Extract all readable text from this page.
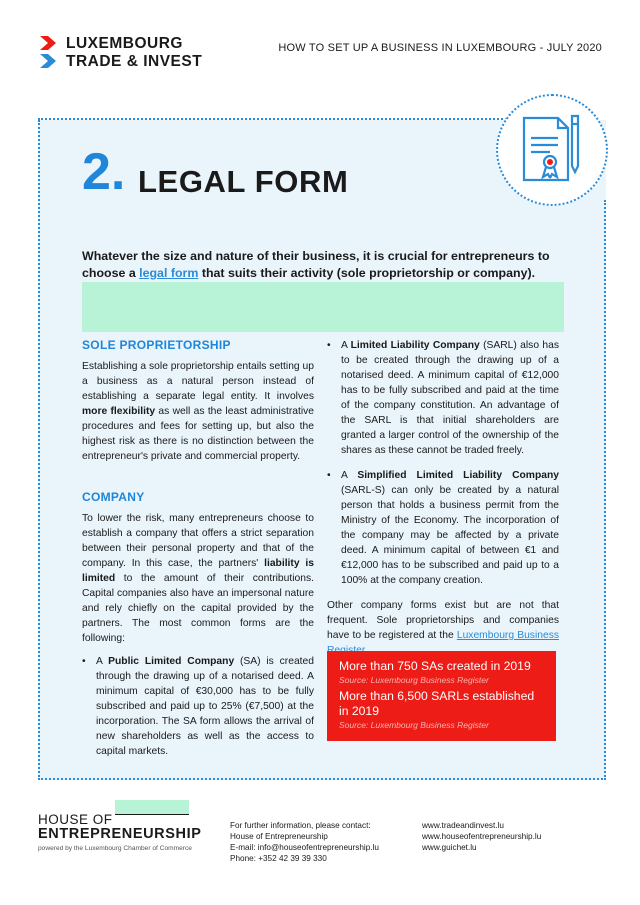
LUXEMBOURG
TRADE & INVEST
HOW TO SET UP A BUSINESS IN LUXEMBOURG - JULY 2020
2. LEGAL FORM
Whatever the size and nature of their business, it is crucial for entrepreneurs to choose a legal form that suits their activity (sole proprietorship or company).
SOLE PROPRIETORSHIP

Establishing a sole proprietorship entails setting up a business as a natural person instead of establishing a separate legal entity. It involves more flexibility as well as the least administrative procedures and fees for setting up, but also the highest risk as there is no distinction between the entrepreneur's private and commercial property.

COMPANY

To lower the risk, many entrepreneurs choose to establish a company that offers a strict separation between their personal property and that of the company. In this case, the partners' liability is limited to the amount of their contributions. Capital companies also have an impersonal nature and rely chiefly on the capital provided by the partners. The most common forms are the following:

• A Public Limited Company (SA) is created through the drawing up of a notarised deed. A minimum capital of €30,000 has to be fully subscribed and paid up to 25% (€7,500) at the incorporation. The SA form allows the arrival of new shareholders as well as the access to capital markets.

• A Limited Liability Company (SARL) also has to be created through the drawing up of a notarised deed. A minimum capital of €12,000 has to be fully subscribed and paid at the time of the company constitution. An advantage of the SARL is that initial shareholders are granted a larger control of the ownership of the shares as these cannot be traded freely.

• A Simplified Limited Liability Company (SARL-S) can only be created by a natural person that holds a business permit from the Ministry of the Economy. The incorporation of the company may be affected by a private deed. A minimum capital of between €1 and €12,000 has to be subscribed and paid up to a 100% at the company creation.

Other company forms exist but are not that frequent. Sole proprietorships and companies have to be registered at the Luxembourg Business

More than 750 SAs created in 2019
Source: Luxembourg Business Register
More than 6,500 SARLs established in 2019
Source: Luxembourg Business Register
HOUSE OF
ENTREPRENEURSHIP
powered by the Luxembourg Chamber of Commerce
For further information, please contact:
House of Entrepreneurship
E-mail: info@houseofentrepreneurship.lu
Phone: +352 42 39 39 330
www.tradeandinvest.lu
www.houseofentrepreneurship.lu
www.guichet.lu
